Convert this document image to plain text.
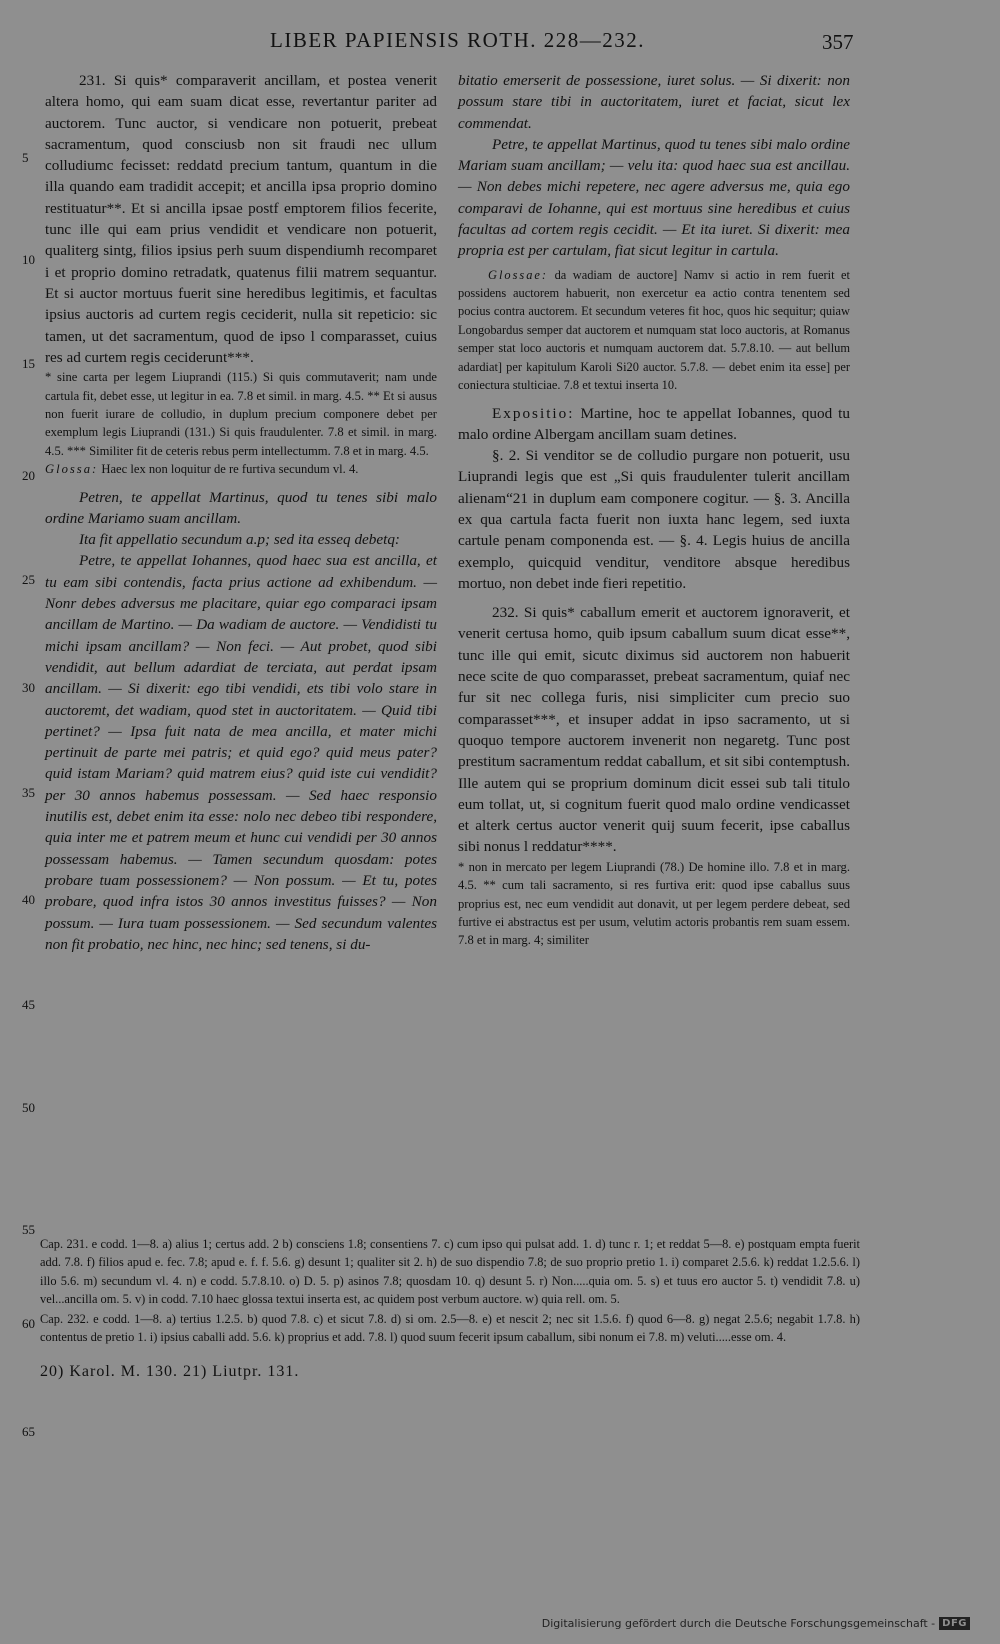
LIBER PAPIENSIS ROTH. 228—232.	357
5
10
15
20
25
30
35
40
45
50
55
60
65

231. Si quis* comparaverit ancillam, et postea venerit altera homo, qui eam suam dicat esse, revertantur pariter ad auctorem. Tunc auctor, si vendicare non potuerit, prebeat sacramentum, quod consciusb non sit fraudi nec ullum colludiumc fecisset: reddatd precium tantum, quantum in die illa quando eam tradidit accepit; et ancilla ipsa proprio domino restituatur**. Et si ancilla ipsae postf emptorem filios fecerite, tunc ille qui eam prius vendidit et vendicare non potuerit, qualiterg sintg, filios ipsius perh suum dispendiumh recomparet i et proprio domino retradatk, quatenus filii matrem sequantur. Et si auctor mortuus fuerit sine heredibus legitimis, et facultas ipsius auctoris ad curtem regis ceciderit, nulla sit repeticio: sic tamen, ut det sacramentum, quod de ipso l comparasset, cuius res ad curtem regis ceciderunt***.

* sine carta per legem Liuprandi (115.) Si quis commutaverit; nam unde cartula fit, debet esse, ut legitur in ea. 7.8 et simil. in marg. 4.5. ** Et si ausus non fuerit iurare de colludio, in duplum precium componere debet per exemplum legis Liuprandi (131.) Si quis fraudulenter. 7.8 et simil. in marg. 4.5. *** Similiter fit de ceteris rebus perm intellectumm. 7.8 et in marg. 4.5.

Glossa: Haec lex non loquitur de re furtiva secundum vl. 4.

Petren, te appellat Martinus, quod tu tenes sibi malo ordine Mariamo suam ancillam.

Ita fit appellatio secundum a.p; sed ita esseq debetq:

Petre, te appellat Iohannes, quod haec sua est ancilla, et tu eam sibi contendis, facta prius actione ad exhibendum. — Nonr debes adversus me placitare, quiar ego comparaci ipsam ancillam de Martino. — Da wadiam de auctore. — Vendidisti tu michi ipsam ancillam? — Non feci. — Aut probet, quod sibi vendidit, aut bellum adardiat de terciata, aut perdat ipsam ancillam. — Si dixerit: ego tibi vendidi, ets tibi volo stare in auctoremt, det wadiam, quod stet in auctoritatem. — Quid tibi pertinet? — Ipsa fuit nata de mea ancilla, et mater michi pertinuit de parte mei patris; et quid ego? quid meus pater? quid istam Mariam? quid matrem eius? quid iste cui vendidit? per 30 annos habemus possessam. — Sed haec responsio inutilis est, debet enim ita esse: nolo nec debeo tibi respondere, quia inter me et patrem meum et hunc cui vendidi per 30 annos possessam habemus. — Tamen secundum quosdam: potes probare tuam possessionem? — Non possum. — Et tu, potes probare, quod infra istos 30 annos investitus fuisses? — Non possum. — Iura tuam possessionem. — Sed secundum valentes non fit probatio, nec hinc, nec hinc; sed tenens, si du-

bitatio emerserit de possessione, iuret solus. — Si dixerit: non possum stare tibi in auctoritatem, iuret et faciat, sicut lex commendat.

Petre, te appellat Martinus, quod tu tenes sibi malo ordine Mariam suam ancillam; — velu ita: quod haec sua est ancillau. — Non debes michi repetere, nec agere adversus me, quia ego comparavi de Iohanne, qui est mortuus sine heredibus et cuius facultas ad cortem regis cecidit. — Et ita iuret. Si dixerit: mea propria est per cartulam, fiat sicut legitur in cartula.

Glossae: da wadiam de auctore] Namv si actio in rem fuerit et possidens auctorem habuerit, non exercetur ea actio contra tenentem sed pocius contra auctorem. Et secundum veteres fit hoc, quos hic sequitur; quiaw Longobardus semper dat auctorem et numquam stat loco auctoris, at Romanus semper stat loco auctoris et numquam auctorem dat. 5.7.8.10. — aut bellum adardiat] per kapitulum Karoli Si20 auctor. 5.7.8. — debet enim ita esse] per coniectura stulticiae. 7.8 et textui inserta 10.

Expositio: Martine, hoc te appellat Iobannes, quod tu malo ordine Albergam ancillam suam detines.

§. 2. Si venditor se de colludio purgare non potuerit, usu Liuprandi legis que est „Si quis fraudulenter tulerit ancillam alienam“21 in duplum eam componere cogitur. — §. 3. Ancilla ex qua cartula facta fuerit non iuxta hanc legem, sed iuxta cartule penam componenda est. — §. 4. Legis huius de ancilla exemplo, quicquid venditur, venditore absque heredibus mortuo, non debet inde fieri repetitio.

232. Si quis* caballum emerit et auctorem ignoraverit, et venerit certusa homo, quib ipsum caballum suum dicat esse**, tunc ille qui emit, sicutc diximus sid auctorem non habuerit nece scite de quo comparasset, prebeat sacramentum, quiaf nec fur sit nec collega furis, nisi simpliciter cum precio suo comparasset***, et insuper addat in ipso sacramento, ut si quoquo tempore auctorem invenerit non negaretg. Tunc post prestitum sacramentum reddat caballum, et sit sibi contemptush. Ille autem qui se proprium dominum dicit essei sub tali titulo eum tollat, ut, si cognitum fuerit quod malo ordine vendicasset et alterk certus auctor venerit quij suum fecerit, ipse caballus sibi nonus l reddatur****.

* non in mercato per legem Liuprandi (78.) De homine illo. 7.8 et in marg. 4.5. ** cum tali sacramento, si res furtiva erit: quod ipse caballus suus proprius est, nec eum vendidit aut donavit, ut per legem perdere debeat, sed furtive ei abstractus est per usum, velutim actoris probantis rem suam essem. 7.8 et in marg. 4; similiter

Cap. 231. e codd. 1—8. a) alius 1; certus add. 2 b) consciens 1.8; consentiens 7. c) cum ipso qui pulsat add. 1. d) tunc r. 1; et reddat 5—8. e) postquam empta fuerit add. 7.8. f) filios apud e. fec. 7.8; apud e. f. f. 5.6. g) desunt 1; qualiter sit 2. h) de suo dispendio 7.8; de suo proprio pretio 1. i) comparet 2.5.6. k) reddat 1.2.5.6. l) illo 5.6. m) secundum vl. 4. n) e codd. 5.7.8.10. o) D. 5. p) asinos 7.8; quosdam 10. q) desunt 5. r) Non.....quia om. 5. s) et tuus ero auctor 5. t) vendidit 7.8. u) vel...ancilla om. 5. v) in codd. 7.10 haec glossa textui inserta est, ac quidem post verbum auctore. w) quia rell. om. 5.

Cap. 232. e codd. 1—8. a) tertius 1.2.5. b) quod 7.8. c) et sicut 7.8. d) si om. 2.5—8. e) et nescit 2; nec sit 1.5.6. f) quod 6—8. g) negat 2.5.6; negabit 1.7.8. h) contentus de pretio 1. i) ipsius caballi add. 5.6. k) proprius et add. 7.8. l) quod suum fecerit ipsum caballum, sibi nonum ei 7.8. m) veluti.....esse om. 4.

20) Karol. M. 130. 21) Liutpr. 131.

Digitalisierung gefördert durch die Deutsche Forschungsgemeinschaft - DFG
